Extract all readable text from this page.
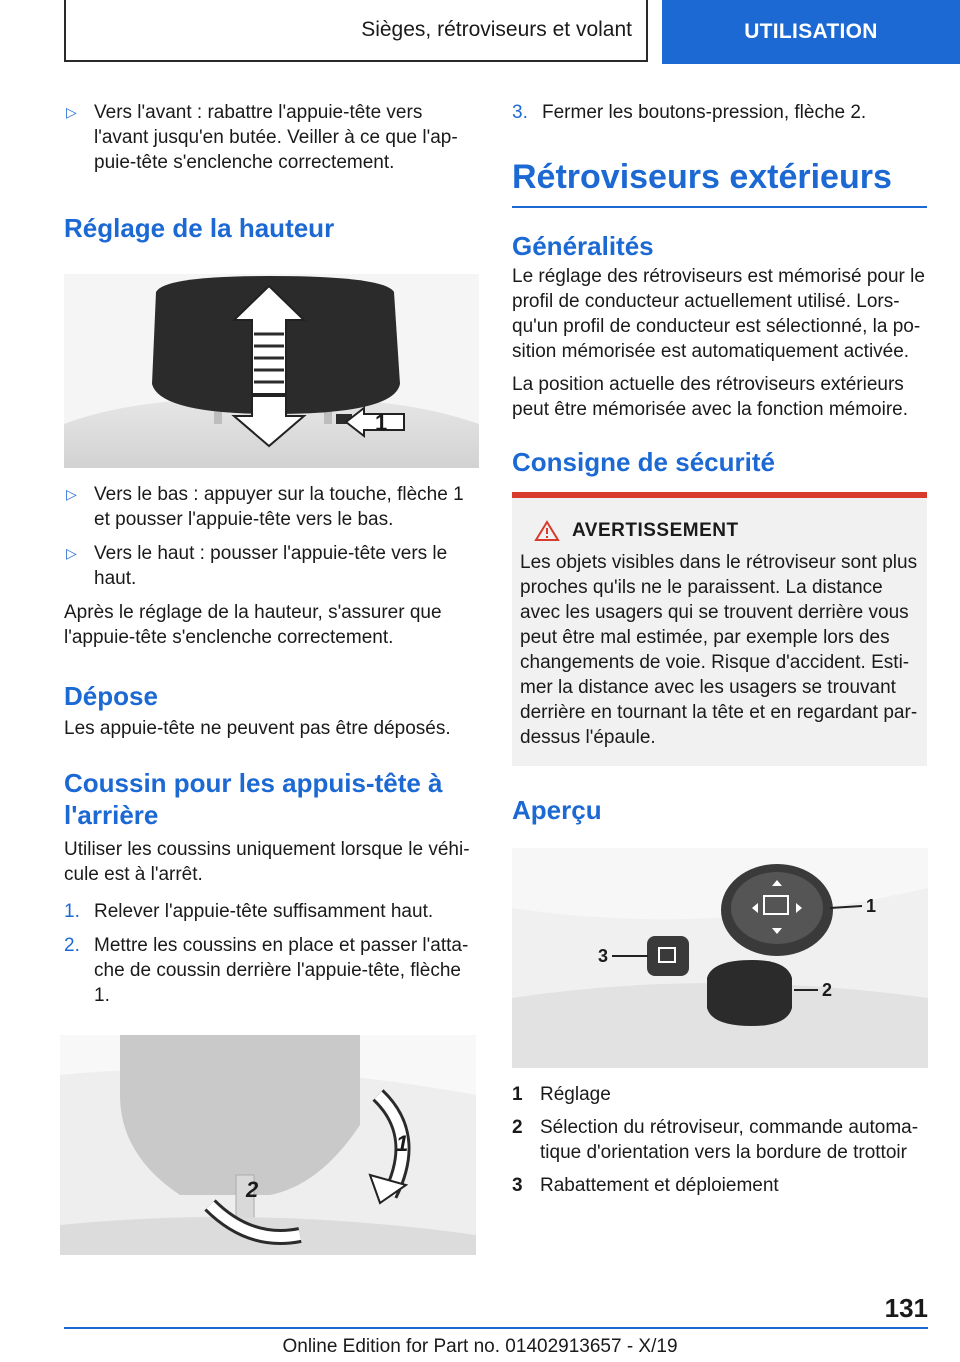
Sièges, rétroviseurs et volant	UTILISATION
▷ Vers l'avant : rabattre l'appuie-tête vers l'avant jusqu'en butée. Veiller à ce que l'appuie-tête s'enclenche correctement.
Réglage de la hauteur
1
▷ Vers le bas : appuyer sur la touche, flèche 1 et pousser l'appuie-tête vers le bas.
▷ Vers le haut : pousser l'appuie-tête vers le haut.

Après le réglage de la hauteur, s'assurer que l'appuie-tête s'enclenche correctement.

Dépose

Les appuie-tête ne peuvent pas être déposés.

Coussin pour les appuis-tête à l'arrière

Utiliser les coussins uniquement lorsque le véhicule est à l'arrêt.

1. Relever l'appuie-tête suffisamment haut.
2. Mettre les coussins en place et passer l'attache de coussin derrière l'appuie-tête, flèche 1.
1
2
3. Fermer les boutons-pression, flèche 2.
Rétroviseurs extérieurs
Généralités

Le réglage des rétroviseurs est mémorisé pour le profil de conducteur actuellement utilisé. Lorsqu'un profil de conducteur est sélectionné, la position mémorisée est automatiquement activée.

La position actuelle des rétroviseurs extérieurs peut être mémorisée avec la fonction mémoire.

Consigne de sécurité
AVERTISSEMENT

Les objets visibles dans le rétroviseur sont plus proches qu'ils ne le paraissent. La distance avec les usagers qui se trouvent derrière vous peut être mal estimée, par exemple lors des changements de voie. Risque d'accident. Estimer la distance avec les usagers se trouvant derrière en tournant la tête et en regardant pardessus l'épaule.

Aperçu
1
2
3
1 Réglage
2 Sélection du rétroviseur, commande automatique d'orientation vers la bordure de trottoir
3 Rabattement et déploiement
131
Online Edition for Part no. 01402913657 - X/19
